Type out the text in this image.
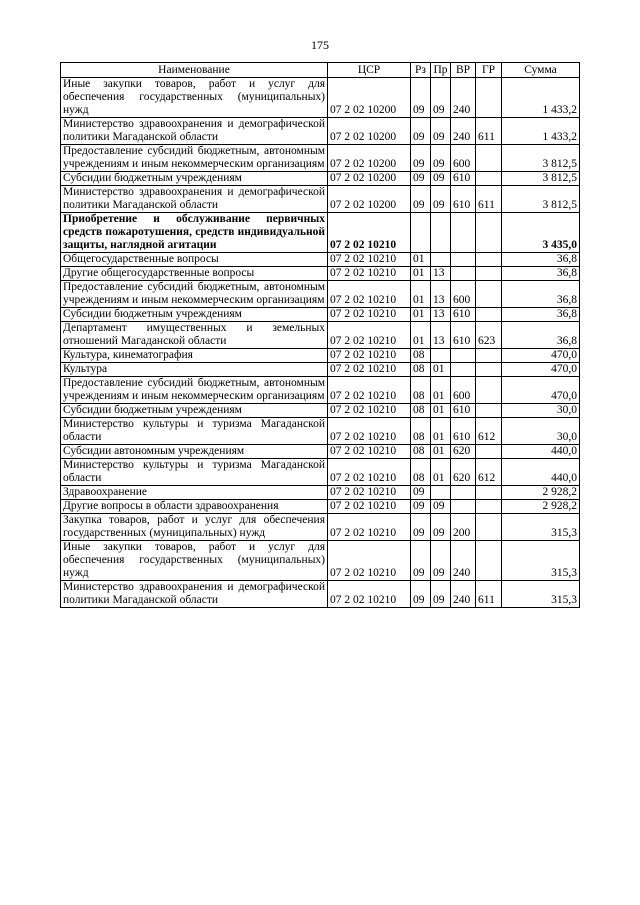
175
Наименование	ЦСР	Рз	Пр	ВР	ГР	Сумма
Иные закупки товаров, работ и услуг для обеспечения государственных (муниципальных) нужд	07 2 02 10200	09	09	240		1 433,2
Министерство здравоохранения и демографической политики Магаданской области	07 2 02 10200	09	09	240	611	1 433,2
Предоставление субсидий бюджетным, автономным учреждениям и иным некоммерческим организациям	07 2 02 10200	09	09	600		3 812,5
Субсидии бюджетным учреждениям	07 2 02 10200	09	09	610		3 812,5
Министерство здравоохранения и демографической политики Магаданской области	07 2 02 10200	09	09	610	611	3 812,5
Приобретение и обслуживание первичных средств пожаротушения, средств индивидуальной защиты, наглядной агитации	07 2 02 10210					3 435,0
Общегосударственные вопросы	07 2 02 10210	01				36,8
Другие общегосударственные вопросы	07 2 02 10210	01	13			36,8
Предоставление субсидий бюджетным, автономным учреждениям и иным некоммерческим организациям	07 2 02 10210	01	13	600		36,8
Субсидии бюджетным учреждениям	07 2 02 10210	01	13	610		36,8
Департамент имущественных и земельных отношений Магаданской области	07 2 02 10210	01	13	610	623	36,8
Культура, кинематография	07 2 02 10210	08				470,0
Культура	07 2 02 10210	08	01			470,0
Предоставление субсидий бюджетным, автономным учреждениям и иным некоммерческим организациям	07 2 02 10210	08	01	600		470,0
Субсидии бюджетным учреждениям	07 2 02 10210	08	01	610		30,0
Министерство культуры и туризма Магаданской области	07 2 02 10210	08	01	610	612	30,0
Субсидии автономным учреждениям	07 2 02 10210	08	01	620		440,0
Министерство культуры и туризма Магаданской области	07 2 02 10210	08	01	620	612	440,0
Здравоохранение	07 2 02 10210	09				2 928,2
Другие вопросы в области здравоохранения	07 2 02 10210	09	09			2 928,2
Закупка товаров, работ и услуг для обеспечения государственных (муниципальных) нужд	07 2 02 10210	09	09	200		315,3
Иные закупки товаров, работ и услуг для обеспечения государственных (муниципальных) нужд	07 2 02 10210	09	09	240		315,3
Министерство здравоохранения и демографической политики Магаданской области	07 2 02 10210	09	09	240	611	315,3
